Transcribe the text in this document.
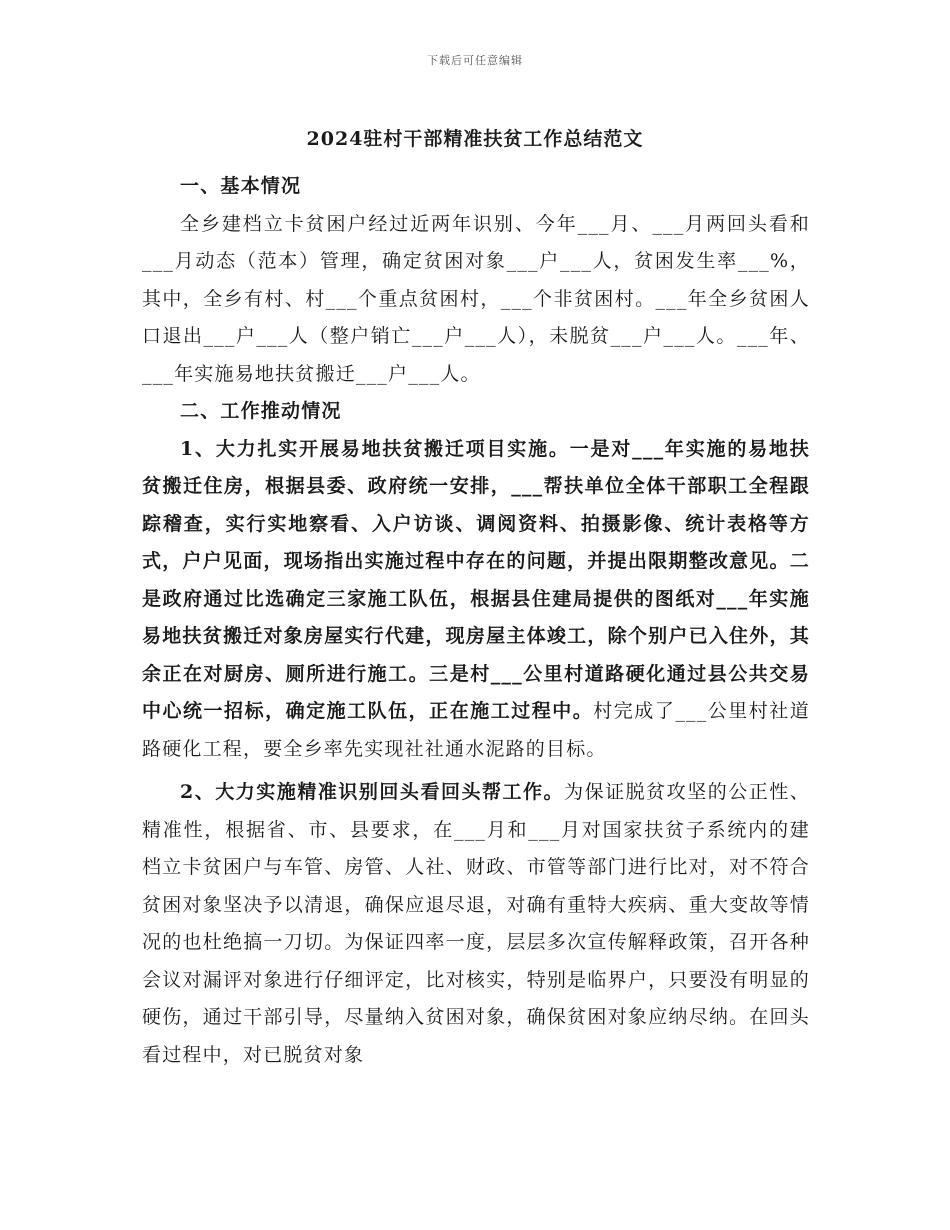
下载后可任意编辑
2024驻村干部精准扶贫工作总结范文
一、基本情况

全乡建档立卡贫困户经过近两年识别、今年___月、___月两回头看和___月动态（范本）管理，确定贫困对象___户___人，贫困发生率___%，其中，全乡有村、村___个重点贫困村，___个非贫困村。___年全乡贫困人口退出___户___人（整户销亡___户___人），未脱贫___户___人。___年、___年实施易地扶贫搬迁___户___人。

二、工作推动情况

1、大力扎实开展易地扶贫搬迁项目实施。一是对___年实施的易地扶贫搬迁住房，根据县委、政府统一安排，___帮扶单位全体干部职工全程跟踪稽查，实行实地察看、入户访谈、调阅资料、拍摄影像、统计表格等方式，户户见面，现场指出实施过程中存在的问题，并提出限期整改意见。二是政府通过比选确定三家施工队伍，根据县住建局提供的图纸对___年实施易地扶贫搬迁对象房屋实行代建，现房屋主体竣工，除个别户已入住外，其余正在对厨房、厕所进行施工。三是村___公里村道路硬化通过县公共交易中心统一招标，确定施工队伍，正在施工过程中。村完成了___公里村社道路硬化工程，要全乡率先实现社社通水泥路的目标。

2、大力实施精准识别回头看回头帮工作。为保证脱贫攻坚的公正性、精准性，根据省、市、县要求，在___月和___月对国家扶贫子系统内的建档立卡贫困户与车管、房管、人社、财政、市管等部门进行比对，对不符合贫困对象坚决予以清退，确保应退尽退，对确有重特大疾病、重大变故等情况的也杜绝搞一刀切。为保证四率一度，层层多次宣传解释政策，召开各种会议对漏评对象进行仔细评定，比对核实，特别是临界户，只要没有明显的硬伤，通过干部引导，尽量纳入贫困对象，确保贫困对象应纳尽纳。在回头看过程中，对已脱贫对象
